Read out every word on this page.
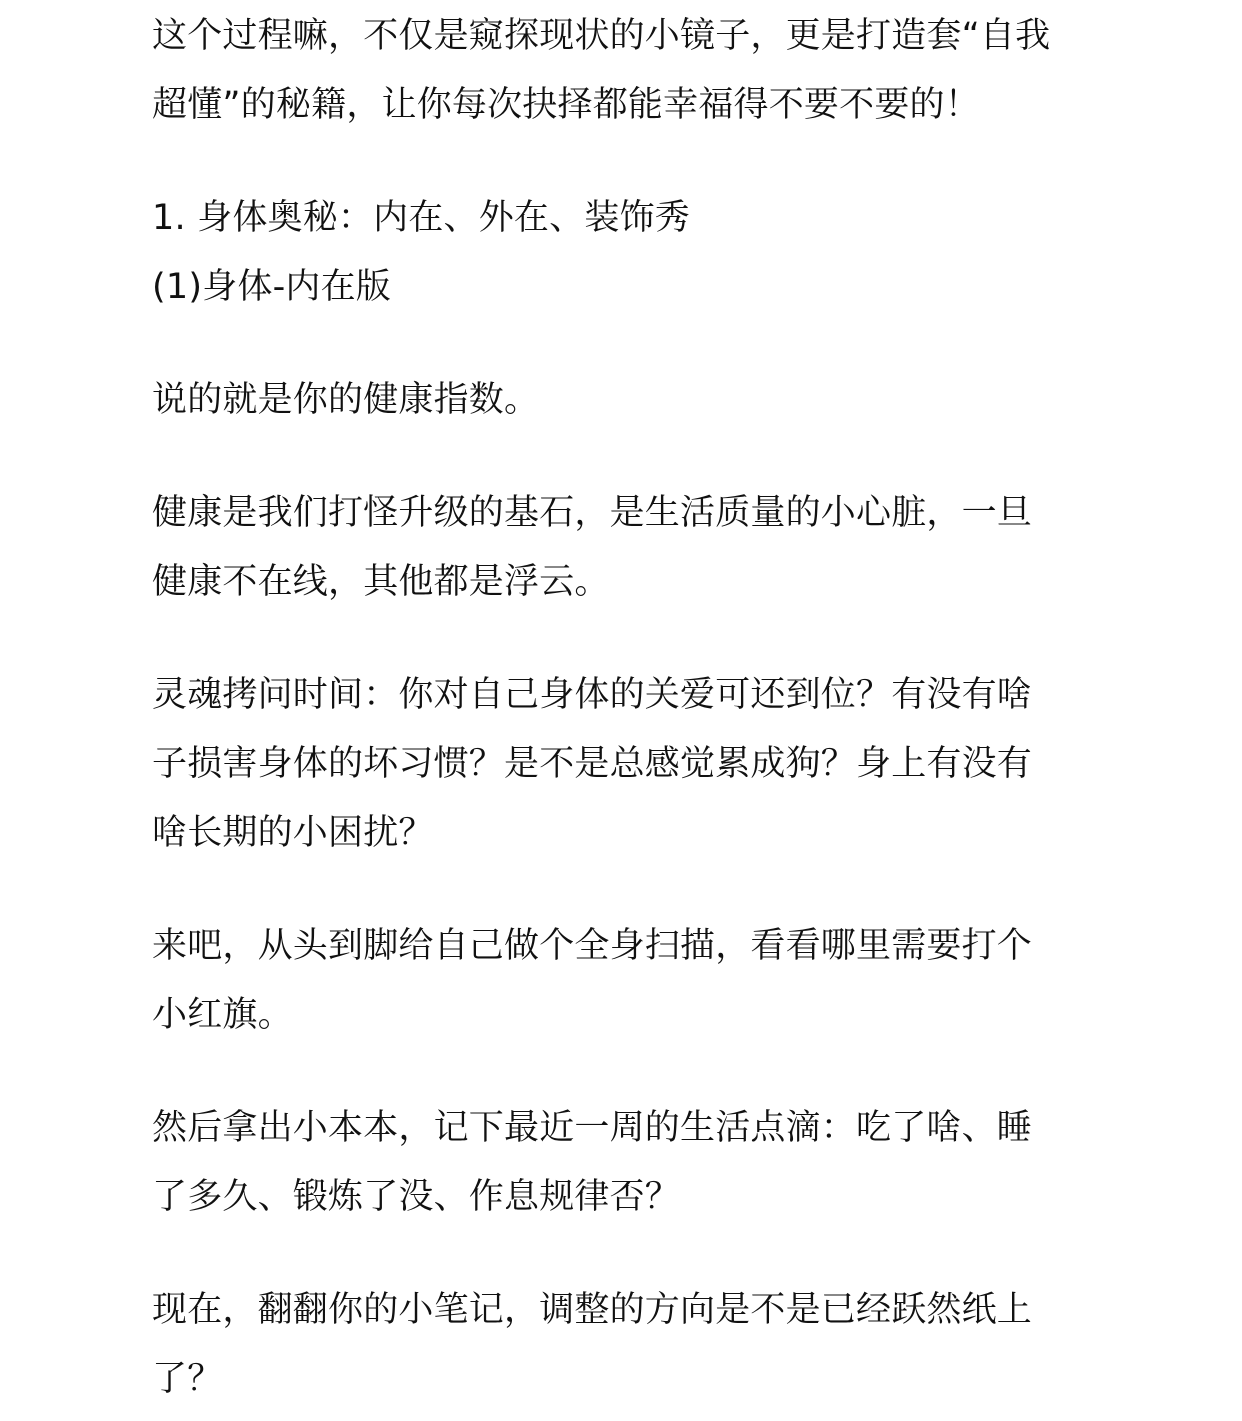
这个过程嘛，不仅是窥探现状的小镜子，更是打造套“自我
超懂”的秘籍，让你每次抉择都能幸福得不要不要的！
1. 身体奥秘：内在、外在、装饰秀
(1)身体-内在版
说的就是你的健康指数。
健康是我们打怪升级的基石，是生活质量的小心脏，一旦
健康不在线，其他都是浮云。
灵魂拷问时间：你对自己身体的关爱可还到位？有没有啥
子损害身体的坏习惯？是不是总感觉累成狗？身上有没有
啥长期的小困扰？
来吧，从头到脚给自己做个全身扫描，看看哪里需要打个
小红旗。
然后拿出小本本，记下最近一周的生活点滴：吃了啥、睡
了多久、锻炼了没、作息规律否？
现在，翻翻你的小笔记，调整的方向是不是已经跃然纸上
了？
